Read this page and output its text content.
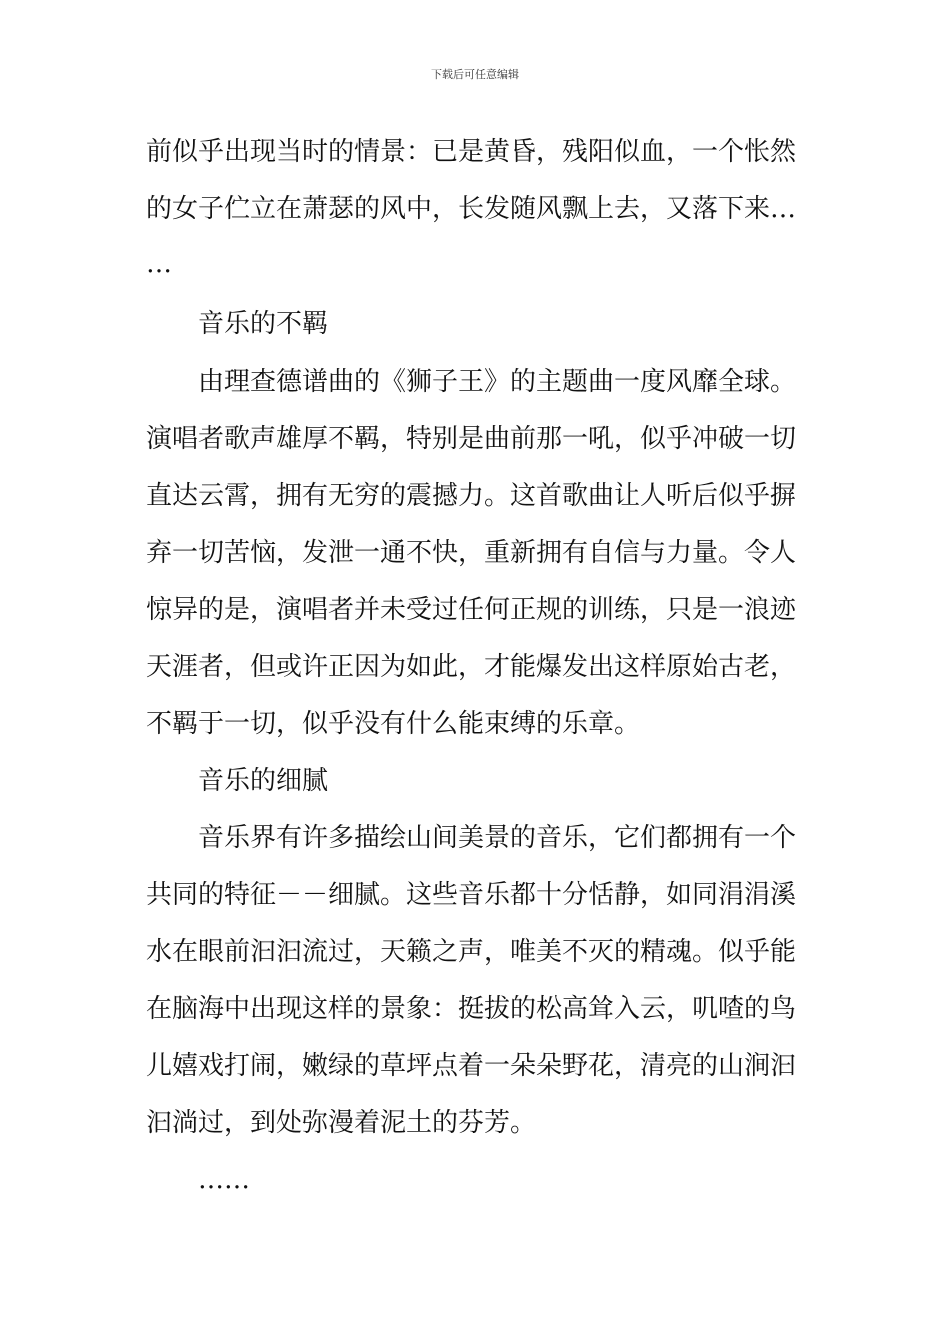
下载后可任意编辑
前似乎出现当时的情景：已是黄昏，残阳似血，一个怅然
的女子伫立在萧瑟的风中，长发随风飘上去，又落下来…
…
音乐的不羁
由理查德谱曲的《狮子王》的主题曲一度风靡全球。
演唱者歌声雄厚不羁，特别是曲前那一吼，似乎冲破一切
直达云霄，拥有无穷的震撼力。这首歌曲让人听后似乎摒
弃一切苦恼，发泄一通不快，重新拥有自信与力量。令人
惊异的是，演唱者并未受过任何正规的训练，只是一浪迹
天涯者，但或许正因为如此，才能爆发出这样原始古老，
不羁于一切，似乎没有什么能束缚的乐章。
音乐的细腻
音乐界有许多描绘山间美景的音乐，它们都拥有一个
共同的特征－－细腻。这些音乐都十分恬静，如同涓涓溪
水在眼前汩汩流过，天籁之声，唯美不灭的精魂。似乎能
在脑海中出现这样的景象：挺拔的松高耸入云，叽喳的鸟
儿嬉戏打闹，嫩绿的草坪点着一朵朵野花，清亮的山涧汩
汩淌过，到处弥漫着泥土的芬芳。
……
